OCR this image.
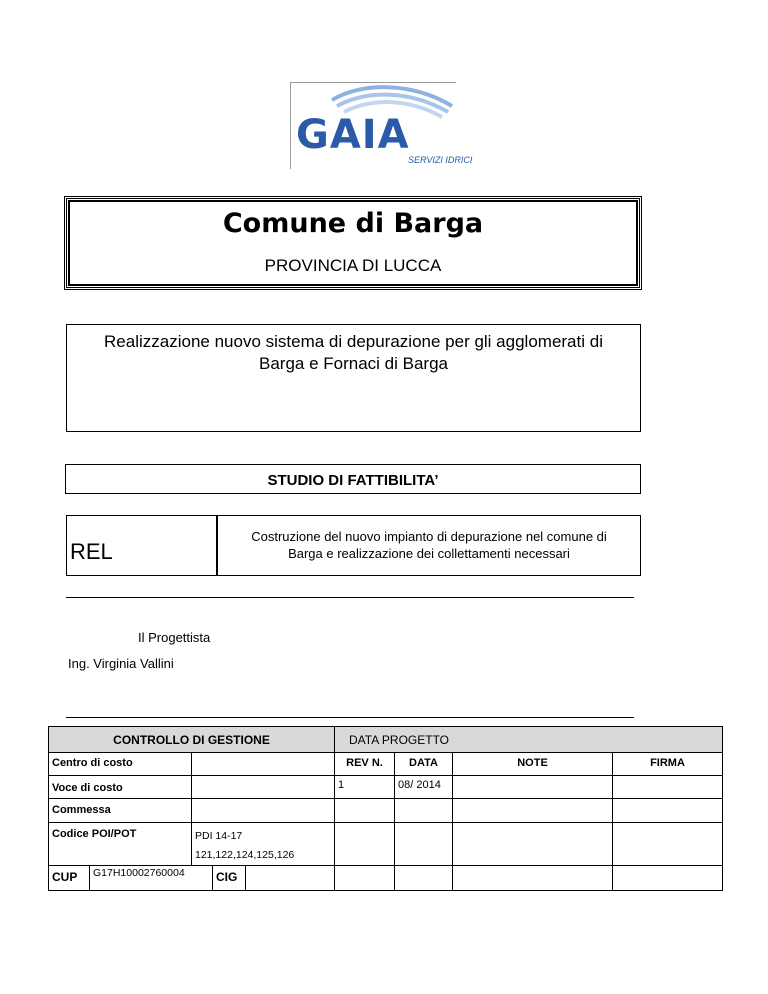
GAIA
SERVIZI IDRICI
Comune di Barga
PROVINCIA DI LUCCA
Realizzazione nuovo sistema di depurazione per gli agglomerati di
Barga e Fornaci di Barga
STUDIO DI FATTIBILITA’
REL
Costruzione del nuovo impianto di depurazione nel comune di
Barga e realizzazione dei collettamenti necessari
Il Progettista
Ing. Virginia Vallini
CONTROLLO DI GESTIONE					DATA PROGETTO			
Centro di costo					REV N.	DATA	NOTE	FIRMA
Voce di costo					1	08/ 2014		
Commessa								
Codice POI/POT		PDI 14-17
121,122,124,125,126						

CUP	G17H10002760004		CIG					
